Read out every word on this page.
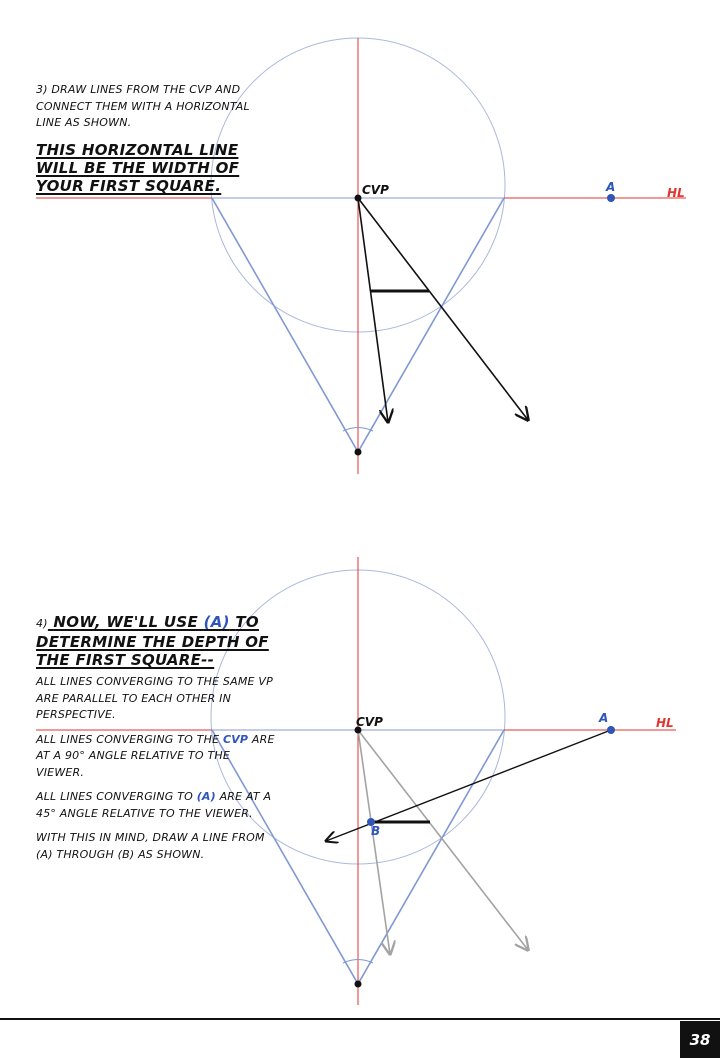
CVP	A	HL
CVP	A	HL
B
3) DRAW LINES FROM THE CVP AND CONNECT THEM WITH A HORIZONTAL LINE AS SHOWN.
THIS HORIZONTAL LINE WILL BE THE WIDTH OF YOUR FIRST SQUARE.
4) NOW, WE'LL USE (A) TO DETERMINE THE DEPTH OF THE FIRST SQUARE--

ALL LINES CONVERGING TO THE SAME VP ARE PARALLEL TO EACH OTHER IN PERSPECTIVE.

ALL LINES CONVERGING TO THE CVP ARE AT A 90° ANGLE RELATIVE TO THE VIEWER.

ALL LINES CONVERGING TO (A) ARE AT A 45° ANGLE RELATIVE TO THE VIEWER.

WITH THIS IN MIND, DRAW A LINE FROM (A) THROUGH (B) AS SHOWN.

38
